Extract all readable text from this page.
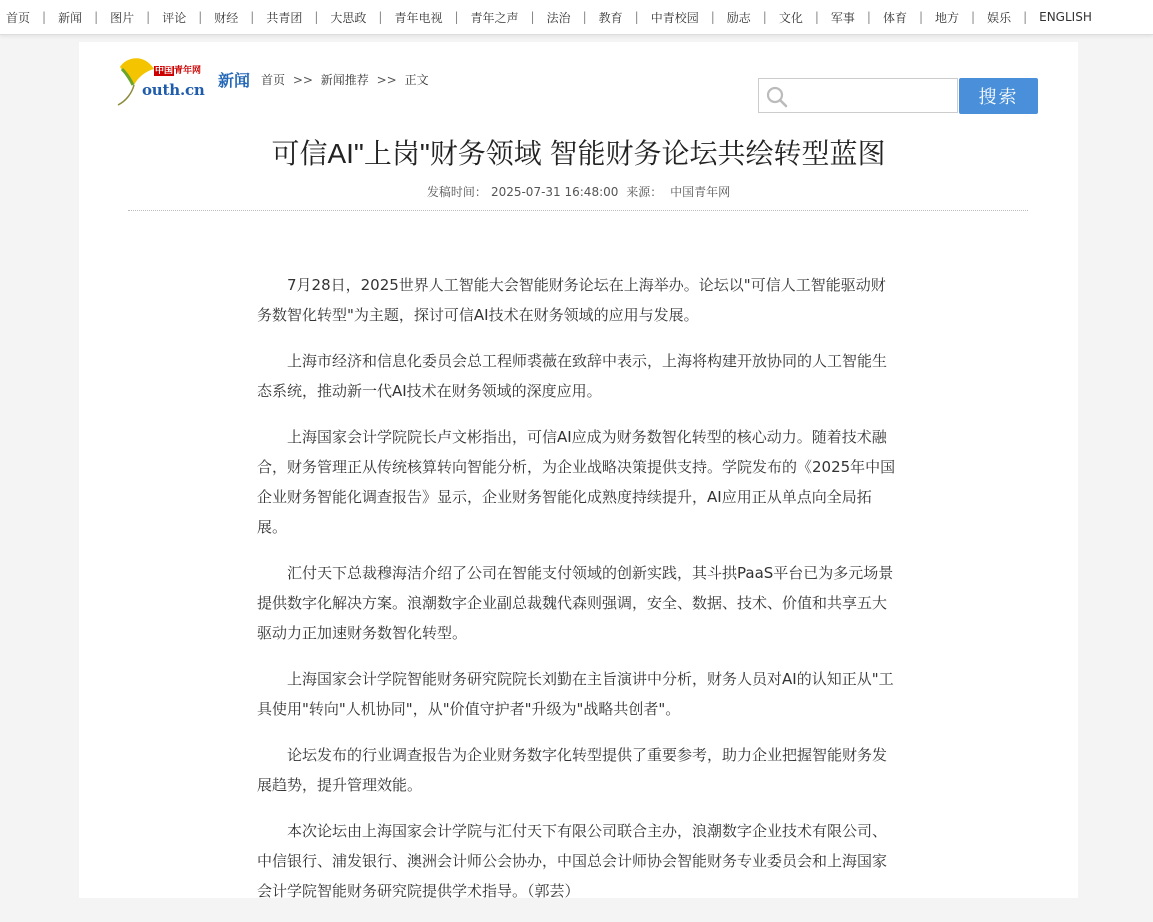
首页	|	新闻	|	图片	|	评论	|	财经	|	共青团	|	大思政	|	青年电视	|	青年之声	|	法治	|	教育	|	中青校园	|	励志	|	文化	|	军事	|	体育	|	地方	|	娱乐	|	ENGLISH
中国青年网
outh.cn 新闻 首页 >> 新闻推荐 >> 正文
搜索
可信AI"上岗"财务领域 智能财务论坛共绘转型蓝图
发稿时间： 2025-07-31 16:48:00 来源： 中国青年网

7月28日，2025世界人工智能大会智能财务论坛在上海举办。论坛以"可信人工智能驱动财务数智化转型"为主题，探讨可信AI技术在财务领域的应用与发展。

上海市经济和信息化委员会总工程师裘薇在致辞中表示，上海将构建开放协同的人工智能生态系统，推动新一代AI技术在财务领域的深度应用。

上海国家会计学院院长卢文彬指出，可信AI应成为财务数智化转型的核心动力。随着技术融合，财务管理正从传统核算转向智能分析，为企业战略决策提供支持。学院发布的《2025年中国企业财务智能化调查报告》显示，企业财务智能化成熟度持续提升，AI应用正从单点向全局拓展。

汇付天下总裁穆海洁介绍了公司在智能支付领域的创新实践，其斗拱PaaS平台已为多元场景提供数字化解决方案。浪潮数字企业副总裁魏代森则强调，安全、数据、技术、价值和共享五大驱动力正加速财务数智化转型。

上海国家会计学院智能财务研究院院长刘勤在主旨演讲中分析，财务人员对AI的认知正从"工具使用"转向"人机协同"，从"价值守护者"升级为"战略共创者"。

论坛发布的行业调查报告为企业财务数字化转型提供了重要参考，助力企业把握智能财务发展趋势，提升管理效能。

本次论坛由上海国家会计学院与汇付天下有限公司联合主办，浪潮数字企业技术有限公司、中信银行、浦发银行、澳洲会计师公会协办，中国总会计师协会智能财务专业委员会和上海国家会计学院智能财务研究院提供学术指导。（郭芸）
